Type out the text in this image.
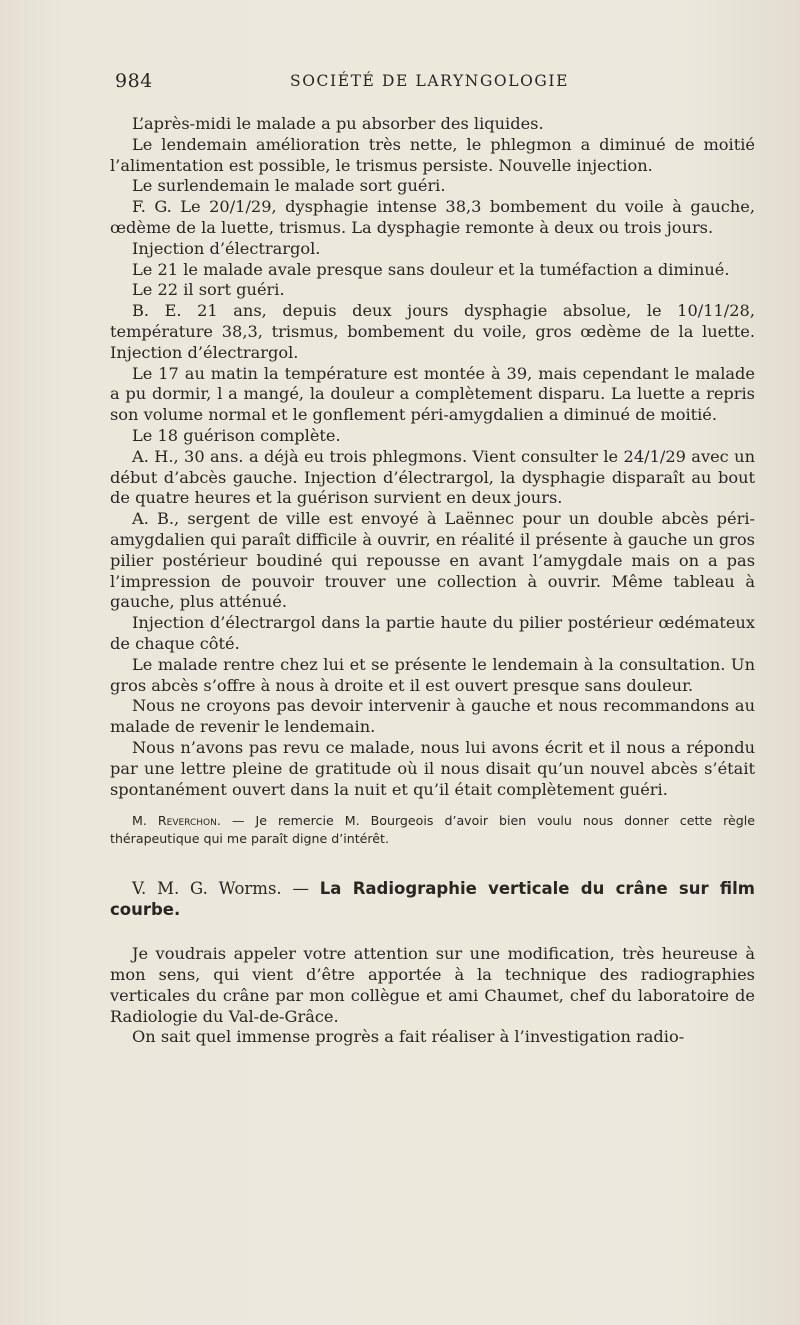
984	SOCIÉTÉ DE LARYNGOLOGIE

L’après-midi le malade a pu absorber des liquides.

Le lendemain amélioration très nette, le phlegmon a diminué de moitié l’alimentation est possible, le trismus persiste. Nouvelle injection.

Le surlendemain le malade sort guéri.

F. G. Le 20/1/29, dysphagie intense 38,3 bombement du voile à gauche, œdème de la luette, trismus. La dysphagie remonte à deux ou trois jours.

Injection d’électrargol.

Le 21 le malade avale presque sans douleur et la tuméfaction a diminué.

Le 22 il sort guéri.

B. E. 21 ans, depuis deux jours dysphagie absolue, le 10/11/28, température 38,3, trismus, bombement du voile, gros œdème de la luette. Injection d’électrargol.

Le 17 au matin la température est montée à 39, mais cependant le malade a pu dormir, l a mangé, la douleur a complètement disparu. La luette a repris son volume normal et le gonflement péri-amygdalien a diminué de moitié.

Le 18 guérison complète.

A. H., 30 ans. a déjà eu trois phlegmons. Vient consulter le 24/1/29 avec un début d’abcès gauche. Injection d’électrargol, la dysphagie disparaît au bout de quatre heures et la guérison survient en deux jours.

A. B., sergent de ville est envoyé à Laënnec pour un double abcès péri-amygdalien qui paraît difficile à ouvrir, en réalité il présente à gauche un gros pilier postérieur boudiné qui repousse en avant l’amygdale mais on a pas l’impression de pouvoir trouver une collection à ouvrir. Même tableau à gauche, plus atténué.

Injection d’électrargol dans la partie haute du pilier postérieur œdémateux de chaque côté.

Le malade rentre chez lui et se présente le lendemain à la consultation. Un gros abcès s’offre à nous à droite et il est ouvert presque sans douleur.

Nous ne croyons pas devoir intervenir à gauche et nous recommandons au malade de revenir le lendemain.

Nous n’avons pas revu ce malade, nous lui avons écrit et il nous a répondu par une lettre pleine de gratitude où il nous disait qu’un nouvel abcès s’était spontanément ouvert dans la nuit et qu’il était complètement guéri.

M. Reverchon. — Je remercie M. Bourgeois d’avoir bien voulu nous donner cette règle thérapeutique qui me paraît digne d’intérêt.

V. M. G. Worms. — La Radiographie verticale du crâne sur film courbe.

Je voudrais appeler votre attention sur une modification, très heureuse à mon sens, qui vient d’être apportée à la technique des radiographies verticales du crâne par mon collègue et ami Chaumet, chef du laboratoire de Radiologie du Val-de-Grâce.

On sait quel immense progrès a fait réaliser à l’investigation radio-
